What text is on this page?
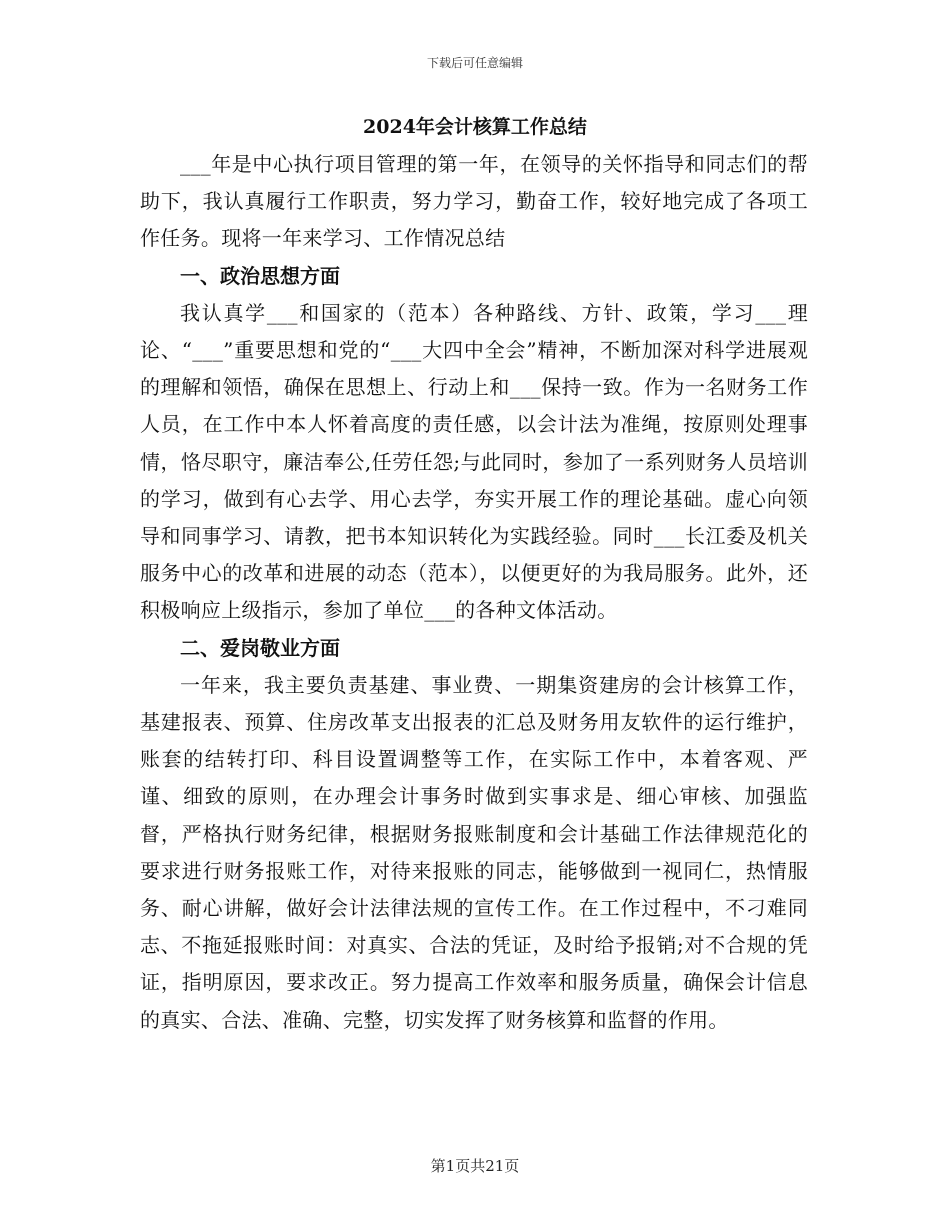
下载后可任意编辑
2024年会计核算工作总结

___年是中心执行项目管理的第一年，在领导的关怀指导和同志们的帮助下，我认真履行工作职责，努力学习，勤奋工作，较好地完成了各项工作任务。现将一年来学习、工作情况总结

一、政治思想方面

我认真学___和国家的（范本）各种路线、方针、政策，学习___理论、“___”重要思想和党的“___大四中全会”精神，不断加深对科学进展观的理解和领悟，确保在思想上、行动上和___保持一致。作为一名财务工作人员，在工作中本人怀着高度的责任感，以会计法为准绳，按原则处理事情，恪尽职守，廉洁奉公,任劳任怨;与此同时，参加了一系列财务人员培训的学习，做到有心去学、用心去学，夯实开展工作的理论基础。虚心向领导和同事学习、请教，把书本知识转化为实践经验。同时___长江委及机关服务中心的改革和进展的动态（范本），以便更好的为我局服务。此外，还积极响应上级指示，参加了单位___的各种文体活动。

二、爱岗敬业方面

一年来，我主要负责基建、事业费、一期集资建房的会计核算工作，基建报表、预算、住房改革支出报表的汇总及财务用友软件的运行维护，账套的结转打印、科目设置调整等工作，在实际工作中，本着客观、严谨、细致的原则，在办理会计事务时做到实事求是、细心审核、加强监督，严格执行财务纪律，根据财务报账制度和会计基础工作法律规范化的要求进行财务报账工作，对待来报账的同志，能够做到一视同仁，热情服务、耐心讲解，做好会计法律法规的宣传工作。在工作过程中，不刁难同志、不拖延报账时间：对真实、合法的凭证，及时给予报销;对不合规的凭证，指明原因，要求改正。努力提高工作效率和服务质量，确保会计信息的真实、合法、准确、完整，切实发挥了财务核算和监督的作用。

第1页共21页
